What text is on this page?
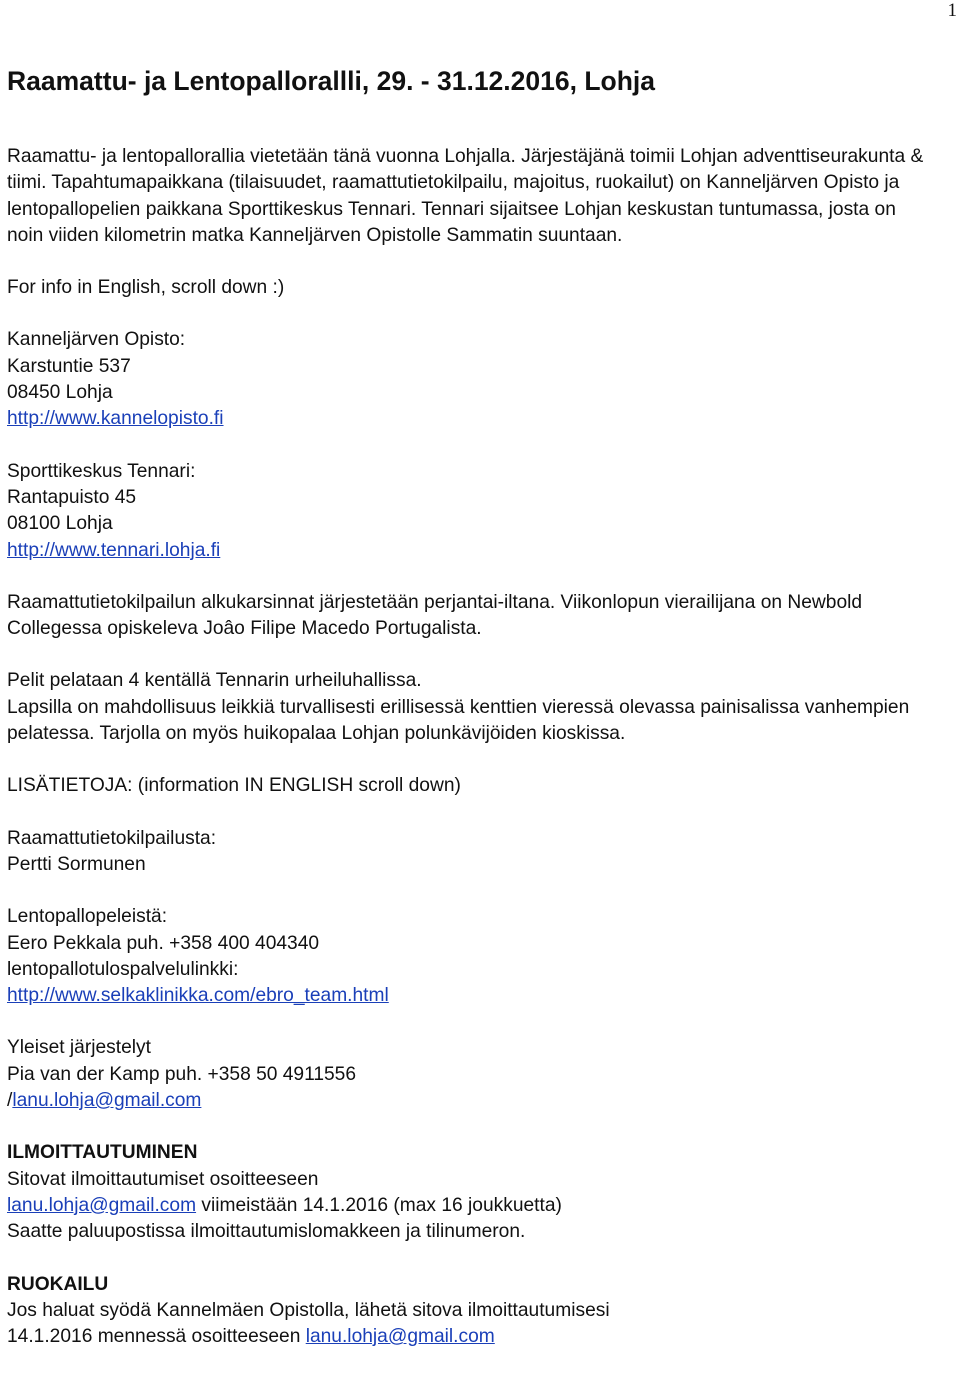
1
Raamattu- ja Lentopallorallli, 29. - 31.12.2016, Lohja

Raamattu- ja lentopallorallia vietetään tänä vuonna Lohjalla. Järjestäjänä toimii Lohjan adventtiseurakunta & tiimi. Tapahtumapaikkana (tilaisuudet, raamattutietokilpailu, majoitus, ruokailut) on Kanneljärven Opisto ja lentopallopelien paikkana Sporttikeskus Tennari. Tennari sijaitsee Lohjan keskustan tuntumassa, josta on noin viiden kilometrin matka Kanneljärven Opistolle Sammatin suuntaan.

For info in English, scroll down :)

Kanneljärven Opisto:
Karstuntie 537
08450 Lohja
http://www.kannelopisto.fi

Sporttikeskus Tennari:
Rantapuisto 45
08100 Lohja
http://www.tennari.lohja.fi

Raamattutietokilpailun alkukarsinnat järjestetään perjantai-iltana. Viikonlopun vierailijana on Newbold Collegessa opiskeleva Joâo Filipe Macedo Portugalista.

Pelit pelataan 4 kentällä Tennarin urheiluhallissa.
Lapsilla on mahdollisuus leikkiä turvallisesti erillisessä kenttien vieressä olevassa painisalissa vanhempien pelatessa. Tarjolla on myös huikopalaa Lohjan polunkävijöiden kioskissa.

LISÄTIETOJA: (information IN ENGLISH scroll down)

Raamattutietokilpailusta:
Pertti Sormunen

Lentopallopeleistä:
Eero Pekkala puh. +358 400 404340
lentopallotulospalvelulinkki:
http://www.selkaklinikka.com/ebro_team.html

Yleiset järjestelyt
Pia van der Kamp puh. +358 50 4911556
/lanu.lohja@gmail.com

ILMOITTAUTUMINEN
Sitovat ilmoittautumiset osoitteeseen
lanu.lohja@gmail.com viimeistään 14.1.2016 (max 16 joukkuetta)
Saatte paluupostissa ilmoittautumislomakkeen ja tilinumeron.

RUOKAILU
Jos haluat syödä Kannelmäen Opistolla, lähetä sitova ilmoittautumisesi
14.1.2016 mennessä osoitteeseen lanu.lohja@gmail.com
